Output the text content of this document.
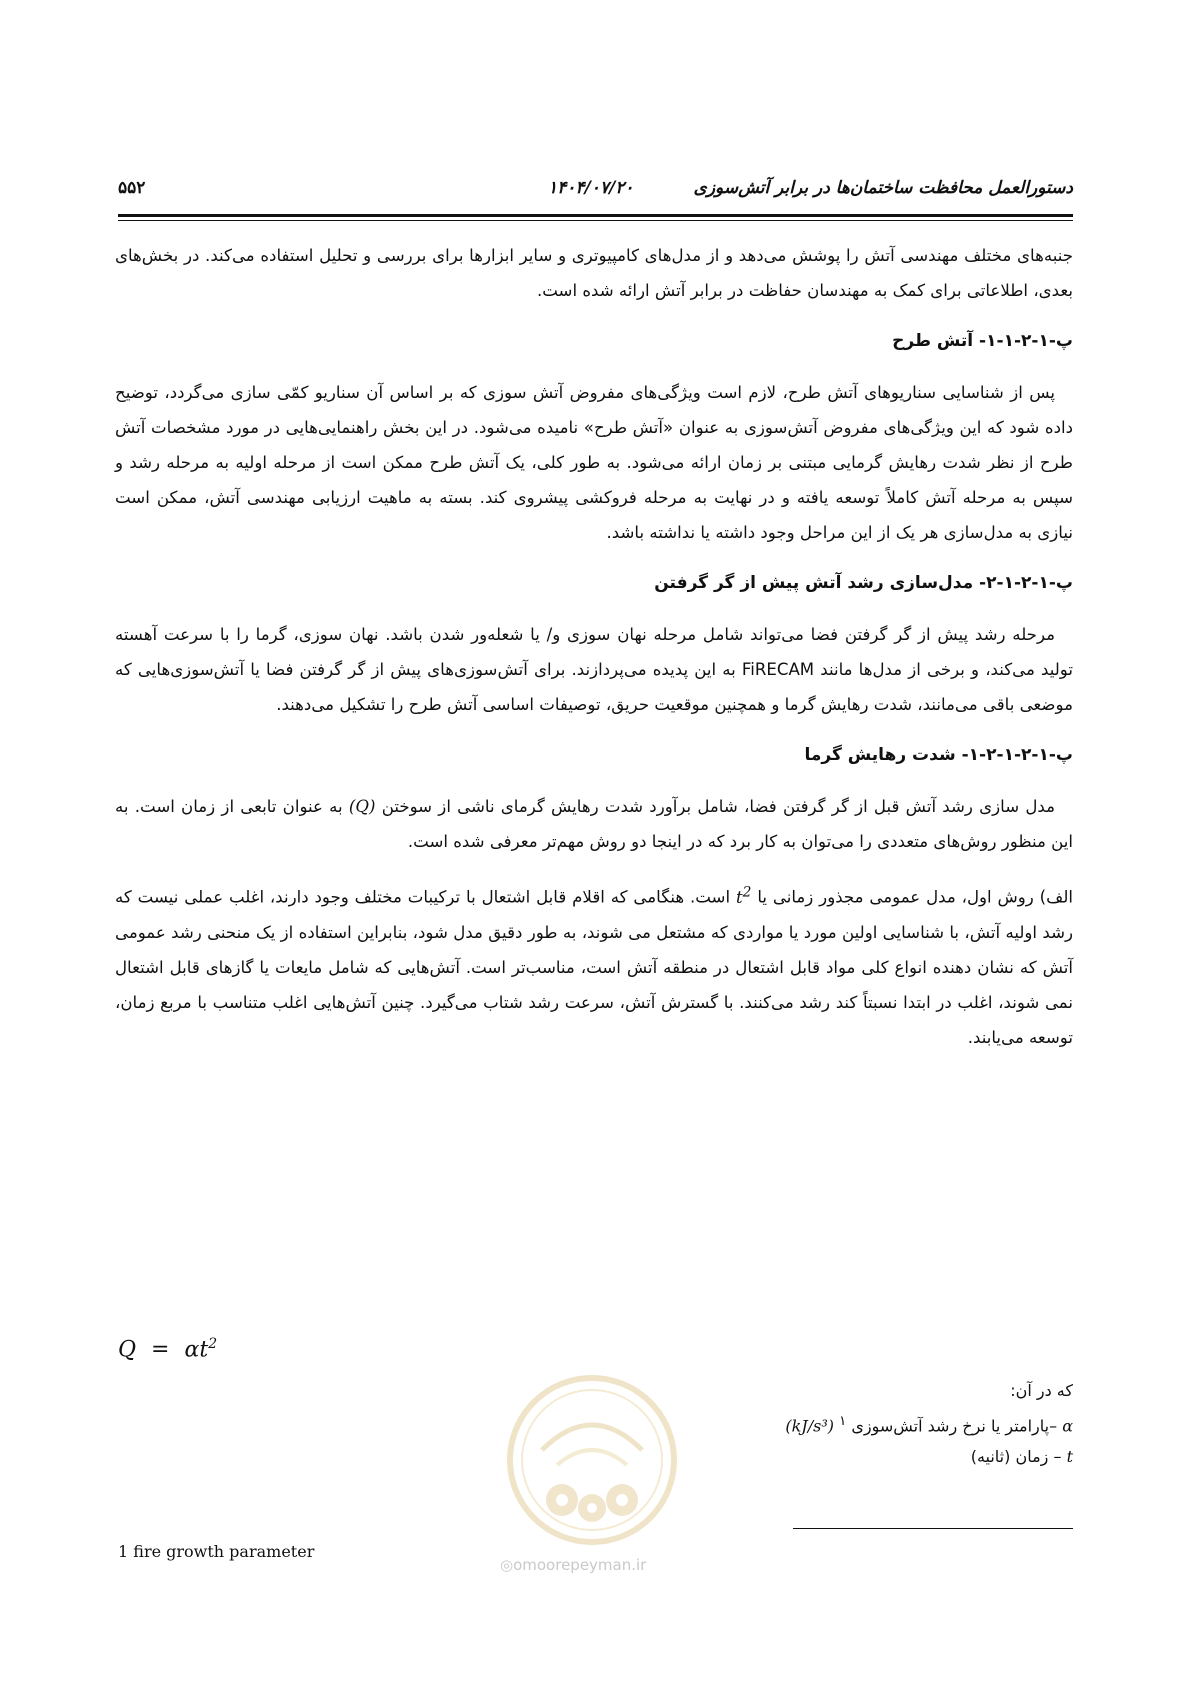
دستورالعمل محافظت ساختمان‌ها در برابر آتش‌سوزی
۱۴۰۴/۰۷/۲۰
۵۵۲

جنبه‌های مختلف مهندسی آتش را پوشش می‌دهد و از مدل‌های کامپیوتری و سایر ابزارها برای بررسی و تحلیل استفاده می‌کند. در بخش‌های بعدی، اطلاعاتی برای کمک به مهندسان حفاظت در برابر آتش ارائه شده است.

پ-۱-۲-۱-۱- آتش طرح

پس از شناسایی سناریوهای آتش طرح، لازم است ویژگی‌های مفروض آتش سوزی که بر اساس آن سناریو کمّی سازی می‌گردد، توضیح داده شود که این ویژگی‌های مفروض آتش‌سوزی به عنوان «آتش طرح» نامیده می‌شود. در این بخش راهنمایی‌هایی در مورد مشخصات آتش طرح از نظر شدت رهایش گرمایی مبتنی بر زمان ارائه می‌شود. به طور کلی، یک آتش طرح ممکن است از مرحله اولیه به مرحله رشد و سپس به مرحله آتش کاملاً توسعه یافته و در نهایت به مرحله فروکشی پیشروی کند. بسته به ماهیت ارزیابی مهندسی آتش، ممکن است نیازی به مدل‌سازی هر یک از این مراحل وجود داشته یا نداشته باشد.

پ-۱-۲-۱-۲- مدل‌سازی رشد آتش پیش از گر گرفتن

مرحله رشد پیش از گر گرفتن فضا می‌تواند شامل مرحله نهان سوزی و/ یا شعله‌ور شدن باشد. نهان سوزی، گرما را با سرعت آهسته تولید می‌کند، و برخی از مدل‌ها مانند FiRECAM به این پدیده می‌پردازند. برای آتش‌سوزی‌های پیش از گر گرفتن فضا یا آتش‌سوزی‌هایی که موضعی باقی می‌مانند، شدت رهایش گرما و همچنین موقعیت حریق، توصیفات اساسی آتش طرح را تشکیل می‌دهند.

پ-۱-۲-۱-۲-۱- شدت رهایش گرما

مدل سازی رشد آتش قبل از گر گرفتن فضا، شامل برآورد شدت رهایش گرمای ناشی از سوختن (Q) به عنوان تابعی از زمان است. به این منظور روش‌های متعددی را می‌توان به کار برد که در اینجا دو روش مهم‌تر معرفی شده است.

الف) روش اول، مدل عمومی مجذور زمانی یا $t^2$ است. هنگامی که اقلام قابل اشتعال با ترکیبات مختلف وجود دارند، اغلب عملی نیست که رشد اولیه آتش، با شناسایی اولین مورد یا مواردی که مشتعل می شوند، به طور دقیق مدل شود، بنابراین استفاده از یک منحنی رشد عمومی آتش که نشان دهنده انواع کلی مواد قابل اشتعال در منطقه آتش است، مناسب‌تر است. آتش‌هایی که شامل مایعات یا گازهای قابل اشتعال نمی شوند، اغلب در ابتدا نسبتاً کند رشد می‌کنند. با گسترش آتش، سرعت رشد شتاب می‌گیرد. چنین آتش‌هایی اغلب متناسب با مربع زمان، توسعه می‌یابند.

$Q = \alpha t^2$
◎omoorepeyman.ir
که در آن:
α –پارامتر یا نرخ رشد آتش‌سوزی $^۱$ (kJ/s³)
t – زمان (ثانیه)
1 fire growth parameter
